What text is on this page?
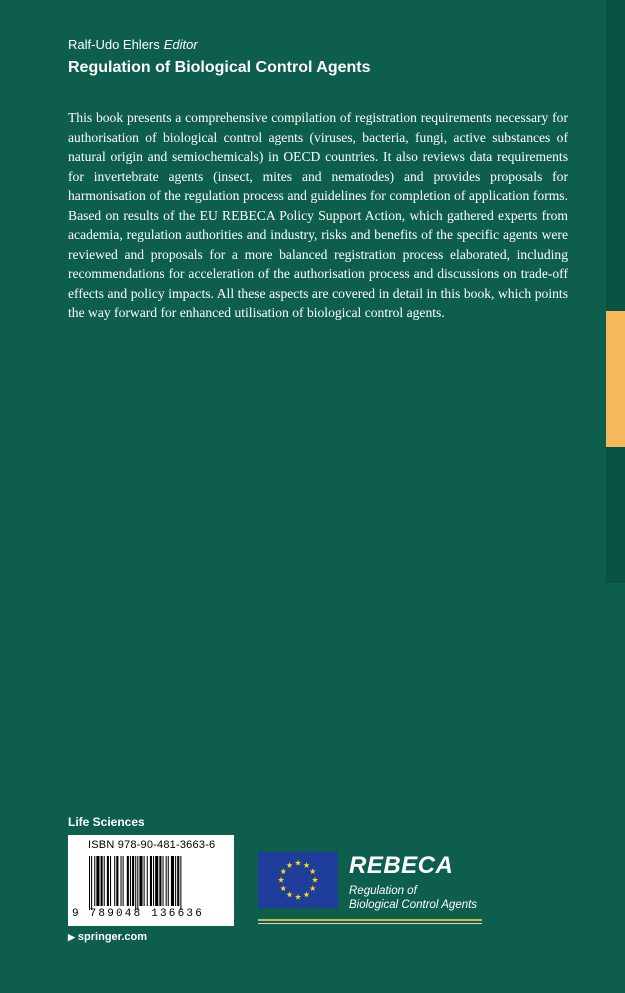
Ralf-Udo Ehlers Editor
Regulation of Biological Control Agents
This book presents a comprehensive compilation of registration requirements necessary for authorisation of biological control agents (viruses, bacteria, fungi, active substances of natural origin and semiochemicals) in OECD countries. It also reviews data requirements for invertebrate agents (insect, mites and nematodes) and provides proposals for harmonisation of the regulation process and guidelines for completion of application forms. Based on results of the EU REBECA Policy Support Action, which gathered experts from academia, regulation authorities and industry, risks and benefits of the specific agents were reviewed and proposals for a more balanced registration process elaborated, including recommendations for acceleration of the authorisation process and discussions on trade-off effects and policy impacts. All these aspects are covered in detail in this book, which points the way forward for enhanced utilisation of biological control agents.
Life Sciences
ISBN 978-90-481-3663-6
9 789048 136636
▶ springer.com
REBECA
Regulation of
Biological Control Agents
